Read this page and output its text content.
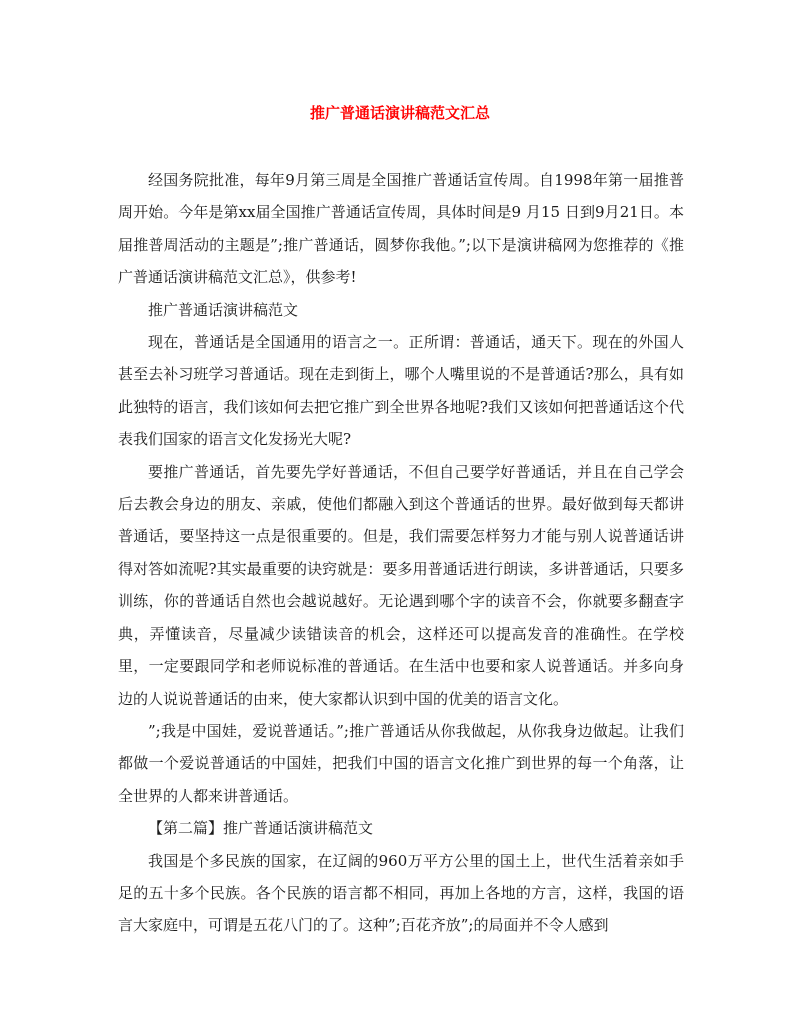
推广普通话演讲稿范文汇总

经国务院批准，每年9月第三周是全国推广普通话宣传周。自1998年第一届推普周开始。今年是第xx届全国推广普通话宣传周，具体时间是9 月15 日到9月21日。本届推普周活动的主题是”;推广普通话，圆梦你我他。”;以下是演讲稿网为您推荐的《推广普通话演讲稿范文汇总》，供参考!

推广普通话演讲稿范文

现在，普通话是全国通用的语言之一。正所谓：普通话，通天下。现在的外国人甚至去补习班学习普通话。现在走到街上，哪个人嘴里说的不是普通话?那么，具有如此独特的语言，我们该如何去把它推广到全世界各地呢?我们又该如何把普通话这个代表我们国家的语言文化发扬光大呢?

要推广普通话，首先要先学好普通话，不但自己要学好普通话，并且在自己学会后去教会身边的朋友、亲戚，使他们都融入到这个普通话的世界。最好做到每天都讲普通话，要坚持这一点是很重要的。但是，我们需要怎样努力才能与别人说普通话讲得对答如流呢?其实最重要的诀窍就是：要多用普通话进行朗读，多讲普通话，只要多训练，你的普通话自然也会越说越好。无论遇到哪个字的读音不会，你就要多翻查字典，弄懂读音，尽量减少读错读音的机会，这样还可以提高发音的准确性。在学校里，一定要跟同学和老师说标准的普通话。在生活中也要和家人说普通话。并多向身边的人说说普通话的由来，使大家都认识到中国的优美的语言文化。

”;我是中国娃，爱说普通话。”;推广普通话从你我做起，从你我身边做起。让我们都做一个爱说普通话的中国娃，把我们中国的语言文化推广到世界的每一个角落，让全世界的人都来讲普通话。

【第二篇】推广普通话演讲稿范文

我国是个多民族的国家，在辽阔的960万平方公里的国土上，世代生活着亲如手足的五十多个民族。各个民族的语言都不相同，再加上各地的方言，这样，我国的语言大家庭中，可谓是五花八门的了。这种”;百花齐放”;的局面并不令人感到
